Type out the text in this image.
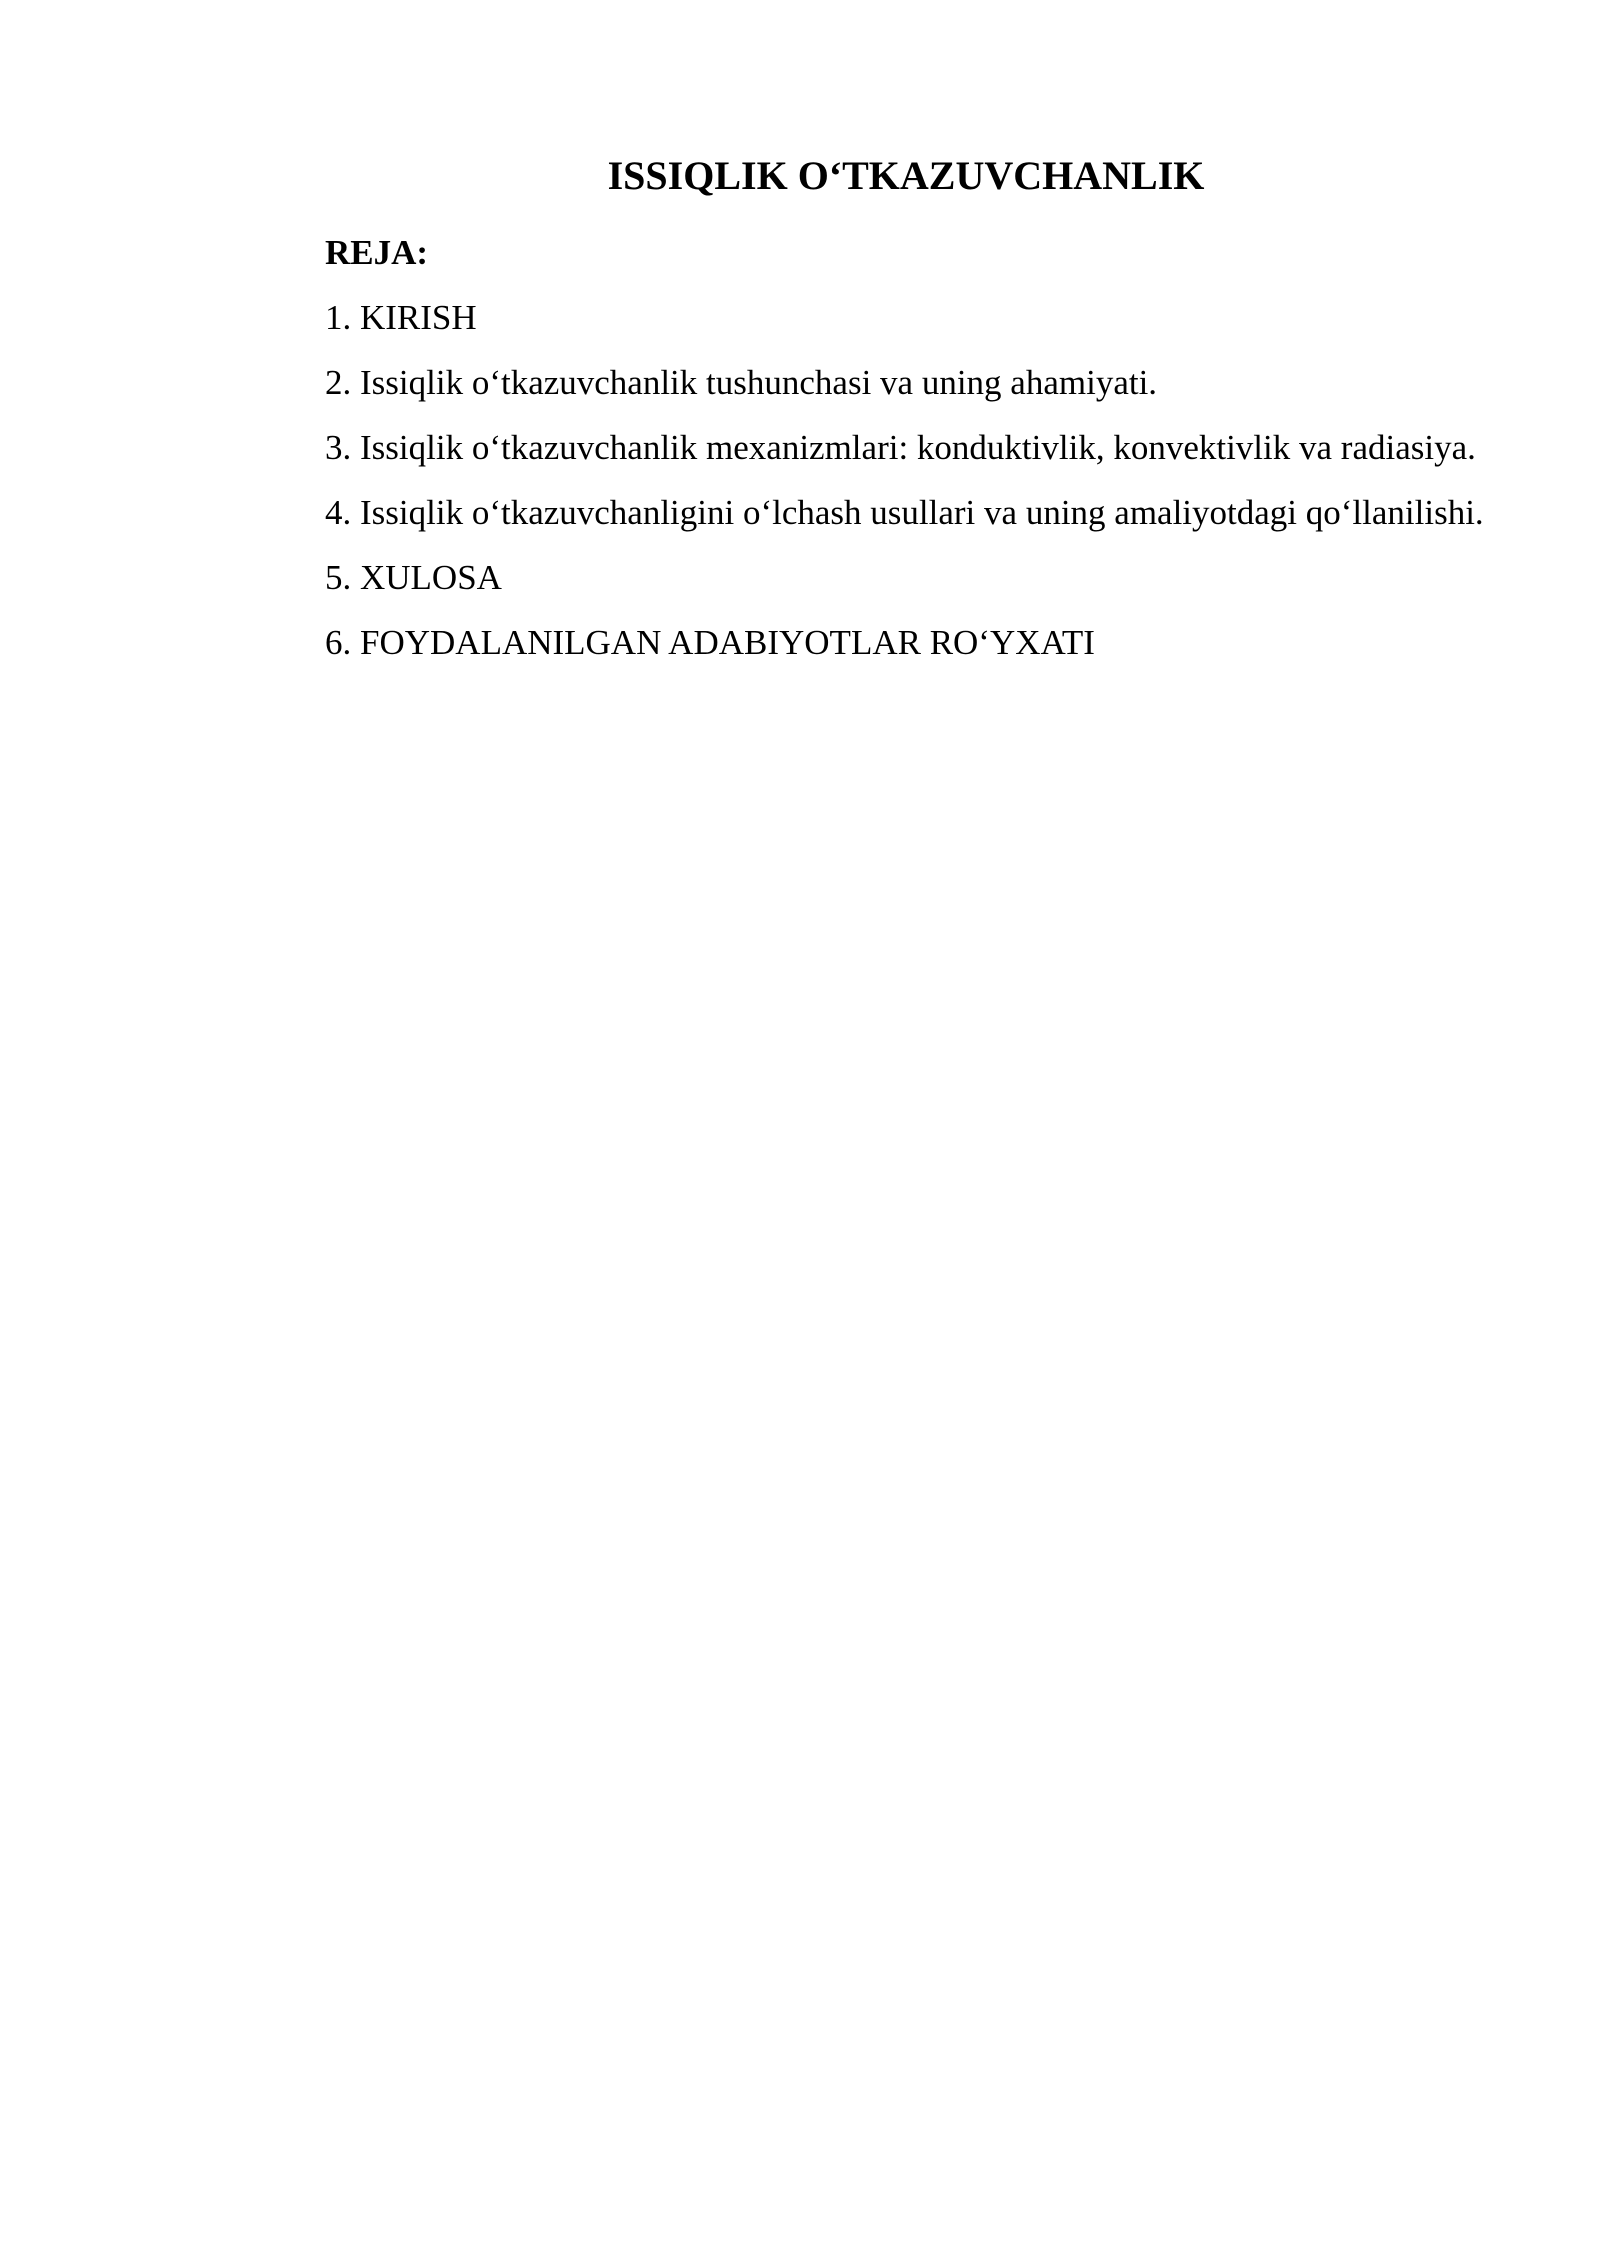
ISSIQLIK O‘TKAZUVCHANLIK

REJA:

1. KIRISH

2. Issiqlik o‘tkazuvchanlik tushunchasi va uning ahamiyati.

3. Issiqlik o‘tkazuvchanlik mexanizmlari: konduktivlik, konvektivlik va radiasiya.

4. Issiqlik o‘tkazuvchanligini o‘lchash usullari va uning amaliyotdagi qo‘llanilishi.

5. XULOSA

6. FOYDALANILGAN ADABIYOTLAR RO‘YXATI
